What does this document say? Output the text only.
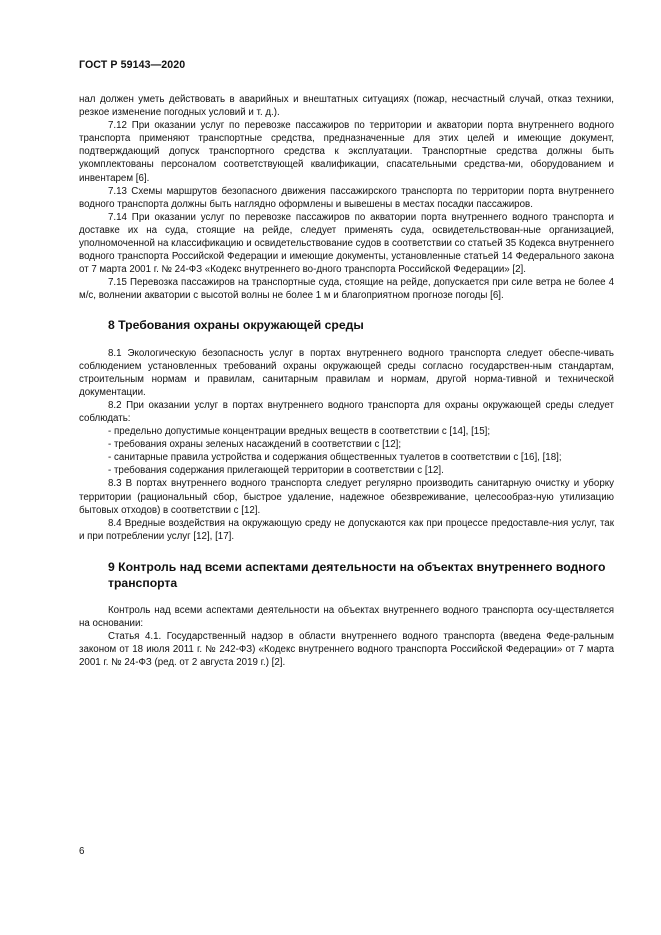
ГОСТ Р 59143—2020

нал должен уметь действовать в аварийных и внештатных ситуациях (пожар, несчастный случай, отказ техники, резкое изменение погодных условий и т. д.).

7.12 При оказании услуг по перевозке пассажиров по территории и акватории порта внутреннего водного транспорта применяют транспортные средства, предназначенные для этих целей и имеющие документ, подтверждающий допуск транспортного средства к эксплуатации. Транспортные средства должны быть укомплектованы персоналом соответствующей квалификации, спасательными средства-ми, оборудованием и инвентарем [6].

7.13 Схемы маршрутов безопасного движения пассажирского транспорта по территории порта внутреннего водного транспорта должны быть наглядно оформлены и вывешены в местах посадки пассажиров.

7.14 При оказании услуг по перевозке пассажиров по акватории порта внутреннего водного транспорта и доставке их на суда, стоящие на рейде, следует применять суда, освидетельствован-ные организацией, уполномоченной на классификацию и освидетельствование судов в соответствии со статьей 35 Кодекса внутреннего водного транспорта Российской Федерации и имеющие документы, установленные статьей 14 Федерального закона от 7 марта 2001 г. № 24-ФЗ «Кодекс внутреннего во-дного транспорта Российской Федерации» [2].

7.15 Перевозка пассажиров на транспортные суда, стоящие на рейде, допускается при силе ветра не более 4 м/с, волнении акватории с высотой волны не более 1 м и благоприятном прогнозе погоды [6].

8 Требования охраны окружающей среды

8.1 Экологическую безопасность услуг в портах внутреннего водного транспорта следует обеспе-чивать соблюдением установленных требований охраны окружающей среды согласно государствен-ным стандартам, строительным нормам и правилам, санитарным правилам и нормам, другой норма-тивной и технической документации.

8.2 При оказании услуг в портах внутреннего водного транспорта для охраны окружающей среды следует соблюдать:

- предельно допустимые концентрации вредных веществ в соответствии с [14], [15];

- требования охраны зеленых насаждений в соответствии с [12];

- санитарные правила устройства и содержания общественных туалетов в соответствии с [16], [18];

- требования содержания прилегающей территории в соответствии с [12].

8.3 В портах внутреннего водного транспорта следует регулярно производить санитарную очистку и уборку территории (рациональный сбор, быстрое удаление, надежное обезвреживание, целесообраз-ную утилизацию бытовых отходов) в соответствии с [12].

8.4 Вредные воздействия на окружающую среду не допускаются как при процессе предоставле-ния услуг, так и при потреблении услуг [12], [17].

9 Контроль над всеми аспектами деятельности на объектах внутреннего водного транспорта

Контроль над всеми аспектами деятельности на объектах внутреннего водного транспорта осу-ществляется на основании:

Статья 4.1. Государственный надзор в области внутреннего водного транспорта (введена Феде-ральным законом от 18 июля 2011 г. № 242-ФЗ) «Кодекс внутреннего водного транспорта Российской Федерации» от 7 марта 2001 г. № 24-ФЗ (ред. от 2 августа 2019 г.) [2].

6
